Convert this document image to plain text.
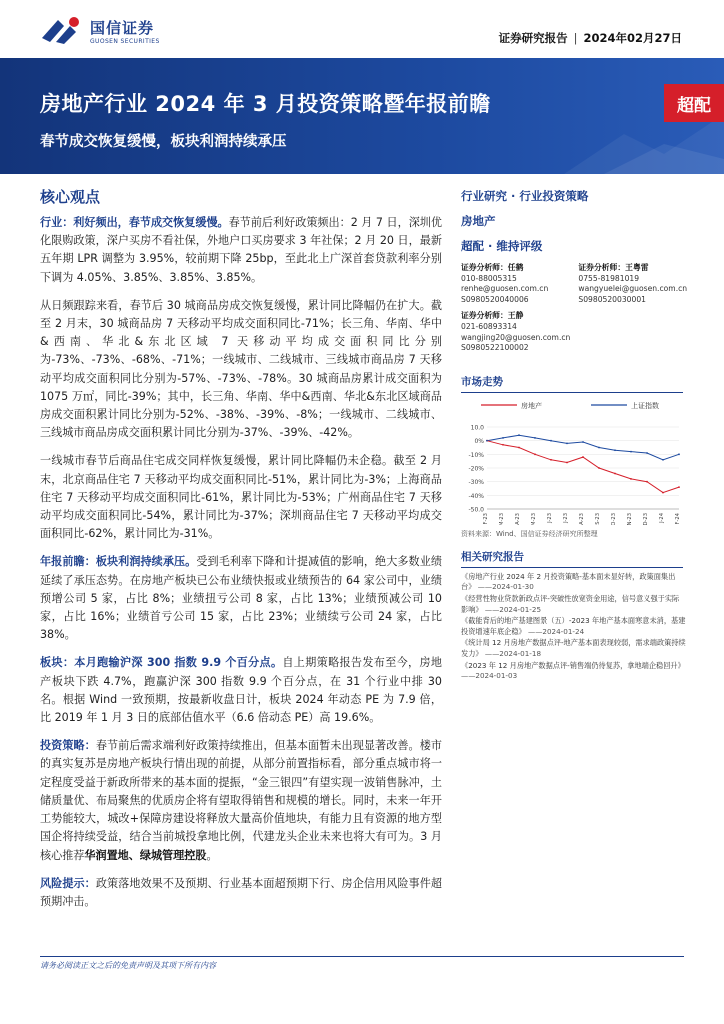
国信证券
GUOSEN SECURITIES	证券研究报告 | 2024年02月27日
房地产行业 2024 年 3 月投资策略暨年报前瞻
春节成交恢复缓慢，板块利润持续承压
超配
核心观点

行业：利好频出，春节成交恢复缓慢。春节前后利好政策频出：2 月 7 日，深圳优化限购政策，深户买房不看社保，外地户口买房要求 3 年社保；2 月 20 日，最新五年期 LPR 调整为 3.95%，较前期下降 25bp，至此北上广深首套贷款利率分别下调为 4.05%、3.85%、3.85%、3.85%。

从日频跟踪来看，春节后 30 城商品房成交恢复缓慢，累计同比降幅仍在扩大。截至 2 月末，30 城商品房 7 天移动平均成交面积同比-71%；长三角、华南、华中&西南、华北&东北区域 7 天移动平均成交面积同比分别为-73%、-73%、-68%、-71%；一线城市、二线城市、三线城市商品房 7 天移动平均成交面积同比分别为-57%、-73%、-78%。30 城商品房累计成交面积为 1075 万㎡，同比-39%；其中，长三角、华南、华中&西南、华北&东北区域商品房成交面积累计同比分别为-52%、-38%、-39%、-8%；一线城市、二线城市、三线城市商品房成交面积累计同比分别为-37%、-39%、-42%。

一线城市春节后商品住宅成交同样恢复缓慢，累计同比降幅仍未企稳。截至 2 月末，北京商品住宅 7 天移动平均成交面积同比-51%，累计同比为-3%；上海商品住宅 7 天移动平均成交面积同比-61%，累计同比为-53%；广州商品住宅 7 天移动平均成交面积同比-54%，累计同比为-37%；深圳商品住宅 7 天移动平均成交面积同比-62%，累计同比为-31%。

年报前瞻：板块利润持续承压。受到毛利率下降和计提减值的影响，绝大多数业绩延续了承压态势。在房地产板块已公布业绩快报或业绩预告的 64 家公司中，业绩预增公司 5 家，占比 8%；业绩扭亏公司 8 家，占比 13%；业绩预减公司 10 家，占比 16%；业绩首亏公司 15 家，占比 23%；业绩续亏公司 24 家，占比 38%。

板块：本月跑输沪深 300 指数 9.9 个百分点。自上期策略报告发布至今，房地产板块下跌 4.7%，跑赢沪深 300 指数 9.9 个百分点，在 31 个行业中排 30 名。根据 Wind 一致预期，按最新收盘日计，板块 2024 年动态 PE 为 7.9 倍，比 2019 年 1 月 3 日的底部估值水平（6.6 倍动态 PE）高 19.6%。

投资策略：春节前后需求端利好政策持续推出，但基本面暂未出现显著改善。楼市的真实复苏是房地产板块行情出现的前提，从部分前置指标看，部分重点城市将一定程度受益于新政所带来的基本面的提振，“金三银四”有望实现一波销售脉冲，土储质量优、布局聚焦的优质房企将有望取得销售和规模的增长。同时，未来一年开工势能较大，城改+保障房建设将释放大量高价值地块，有能力且有资源的地方型国企将持续受益，结合当前城投拿地比例，代建龙头企业未来也将大有可为。3 月核心推荐华润置地、绿城管理控股。

风险提示：政策落地效果不及预期、行业基本面超预期下行、房企信用风险事件超预期冲击。

行业研究 · 行业投资策略
房地产
超配 · 维持评级
证券分析师：任鹤
010-88005315
renhe@guosen.com.cn
S0980520040006
证券分析师：王粤雷
0755-81981019
wangyuelei@guosen.com.cn
S0980520030001
证券分析师：王静
021-60893314
wangjing20@guosen.com.cn
S0980522100002
市场走势
房地产	上证指数
10.0
0%
-10%
-20%
-30%
-40%
-50.0
F-23 M-23 A-23 M-23 J-23 J-23 A-23 S-23 O-23 N-23 D-23 J-24 F-24
资料来源：Wind、国信证券经济研究所整理
相关研究报告
《房地产行业 2024 年 2 月投资策略-基本面未显好转，政策面集出台》 ——2024-01-30
《经营性物业贷款新政点评-突破性放宽资金用途，信号意义强于实际影响》 ——2024-01-25
《截能背后的地产基建图景（五）-2023 年地产基本面寒意未消，基建投资增速年底企稳》 ——2024-01-24
《统计局 12 月房地产数据点评-地产基本面表现较弱，需求端政策持续发力》 ——2024-01-18
《2023 年 12 月房地产数据点评-销售端仍待复苏，拿地端企稳回升》 ——2024-01-03
请务必阅读正文之后的免责声明及其项下所有内容
